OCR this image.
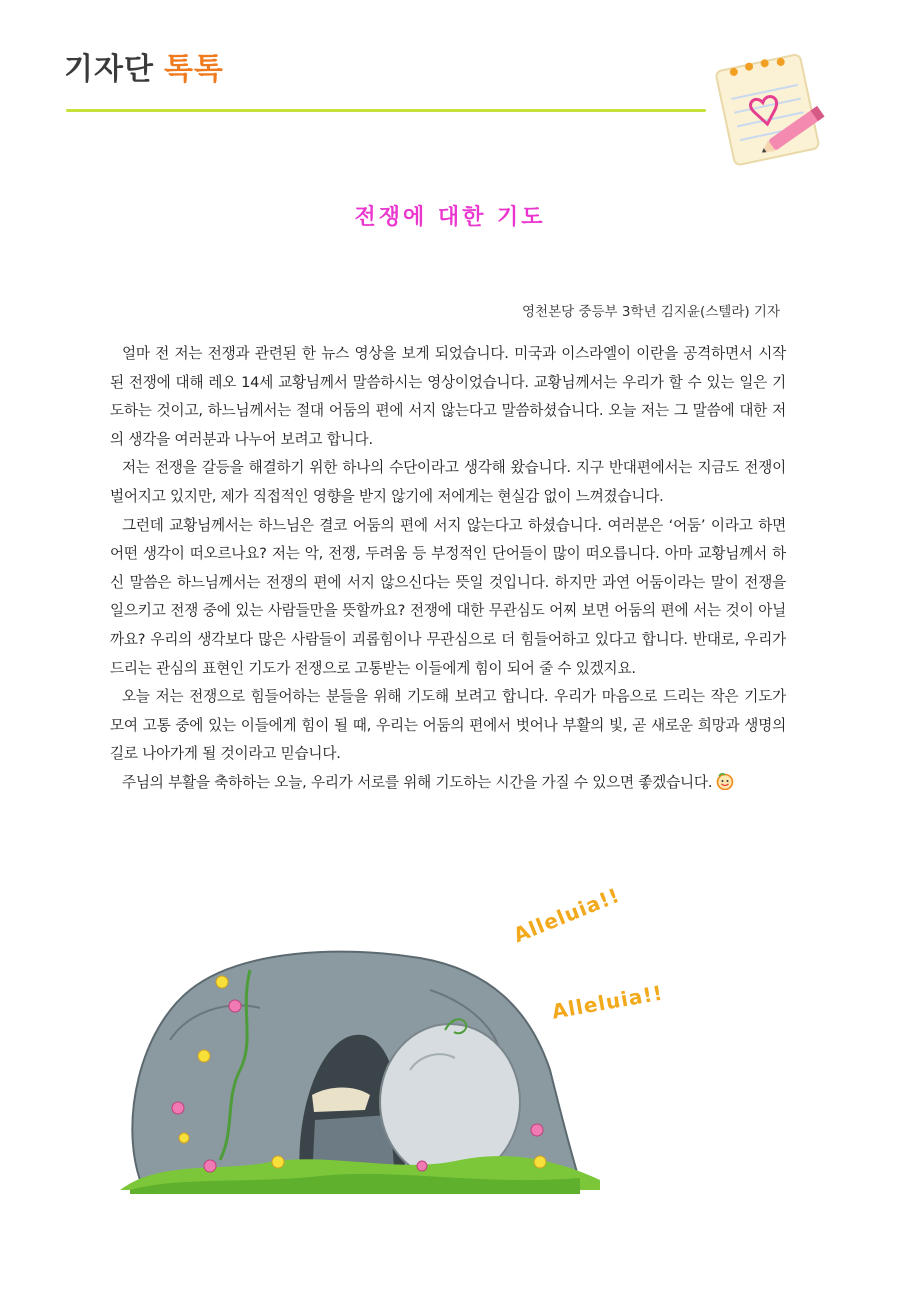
기자단 톡톡
전쟁에 대한 기도
영천본당 중등부 3학년 김지윤(스텔라) 기자

얼마 전 저는 전쟁과 관련된 한 뉴스 영상을 보게 되었습니다. 미국과 이스라엘이 이란을 공격하면서 시작된 전쟁에 대해 레오 14세 교황님께서 말씀하시는 영상이었습니다. 교황님께서는 우리가 할 수 있는 일은 기도하는 것이고, 하느님께서는 절대 어둠의 편에 서지 않는다고 말씀하셨습니다. 오늘 저는 그 말씀에 대한 저의 생각을 여러분과 나누어 보려고 합니다.

저는 전쟁을 갈등을 해결하기 위한 하나의 수단이라고 생각해 왔습니다. 지구 반대편에서는 지금도 전쟁이 벌어지고 있지만, 제가 직접적인 영향을 받지 않기에 저에게는 현실감 없이 느껴졌습니다.

그런데 교황님께서는 하느님은 결코 어둠의 편에 서지 않는다고 하셨습니다. 여러분은 ‘어둠’ 이라고 하면 어떤 생각이 떠오르나요? 저는 악, 전쟁, 두려움 등 부정적인 단어들이 많이 떠오릅니다. 아마 교황님께서 하신 말씀은 하느님께서는 전쟁의 편에 서지 않으신다는 뜻일 것입니다. 하지만 과연 어둠이라는 말이 전쟁을 일으키고 전쟁 중에 있는 사람들만을 뜻할까요? 전쟁에 대한 무관심도 어찌 보면 어둠의 편에 서는 것이 아닐까요? 우리의 생각보다 많은 사람들이 괴롭힘이나 무관심으로 더 힘들어하고 있다고 합니다. 반대로, 우리가 드리는 관심의 표현인 기도가 전쟁으로 고통받는 이들에게 힘이 되어 줄 수 있겠지요.

오늘 저는 전쟁으로 힘들어하는 분들을 위해 기도해 보려고 합니다. 우리가 마음으로 드리는 작은 기도가 모여 고통 중에 있는 이들에게 힘이 될 때, 우리는 어둠의 편에서 벗어나 부활의 빛, 곧 새로운 희망과 생명의 길로 나아가게 될 것이라고 믿습니다.

주님의 부활을 축하하는 오늘, 우리가 서로를 위해 기도하는 시간을 가질 수 있으면 좋겠습니다.

Alleluia!!
Alleluia!!
